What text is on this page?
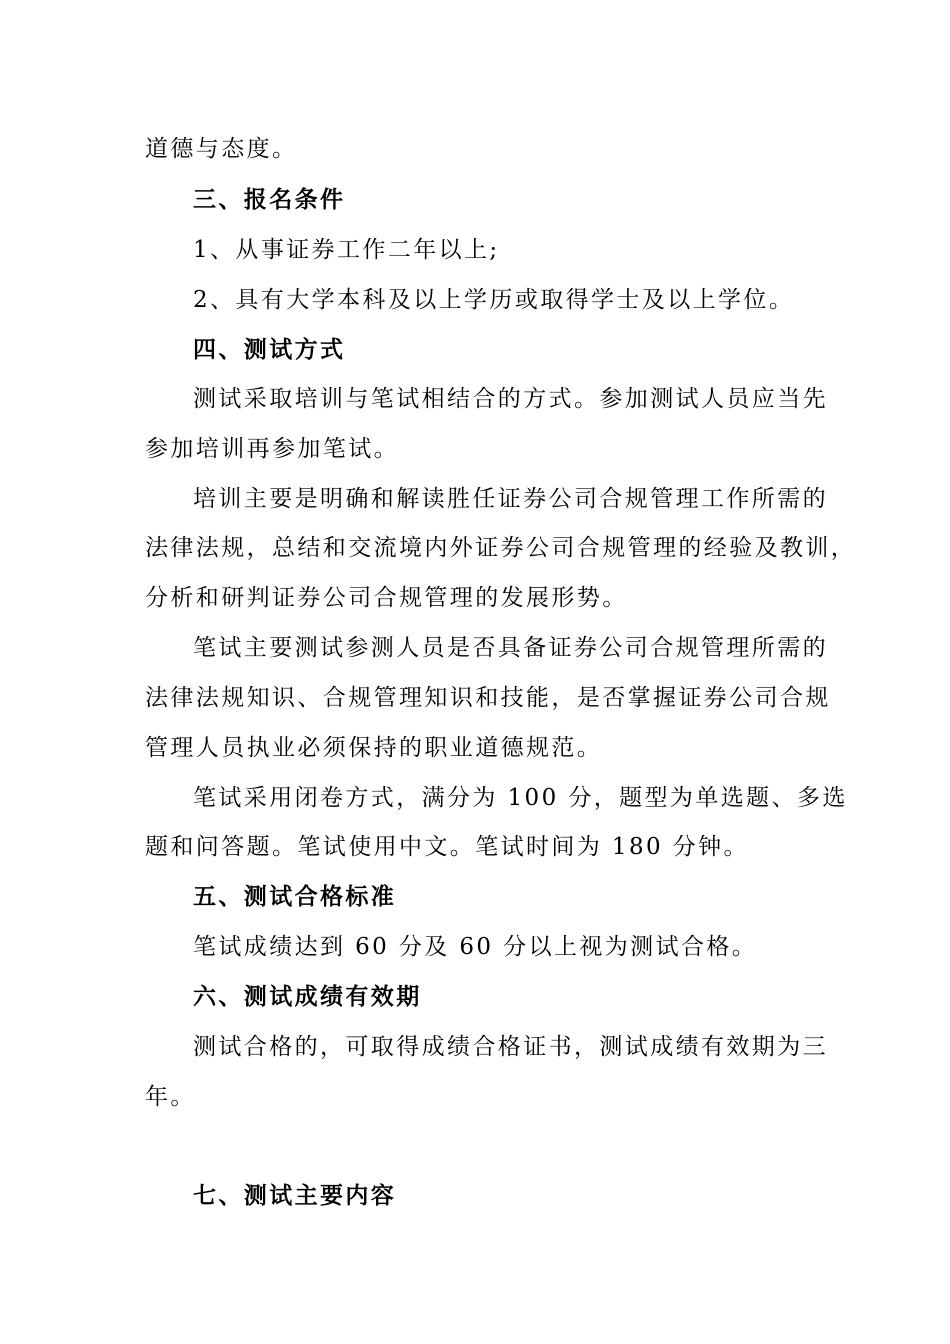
道德与态度。

三、报名条件

1、从事证券工作二年以上;

2、具有大学本科及以上学历或取得学士及以上学位。

四、测试方式

测试采取培训与笔试相结合的方式。参加测试人员应当先

参加培训再参加笔试。

培训主要是明确和解读胜任证券公司合规管理工作所需的

法律法规，总结和交流境内外证券公司合规管理的经验及教训，

分析和研判证券公司合规管理的发展形势。

笔试主要测试参测人员是否具备证券公司合规管理所需的

法律法规知识、合规管理知识和技能，是否掌握证券公司合规

管理人员执业必须保持的职业道德规范。

笔试采用闭卷方式，满分为 100 分，题型为单选题、多选

题和问答题。笔试使用中文。笔试时间为 180 分钟。

五、测试合格标准

笔试成绩达到 60 分及 60 分以上视为测试合格。

六、测试成绩有效期

测试合格的，可取得成绩合格证书，测试成绩有效期为三

年。

七、测试主要内容
